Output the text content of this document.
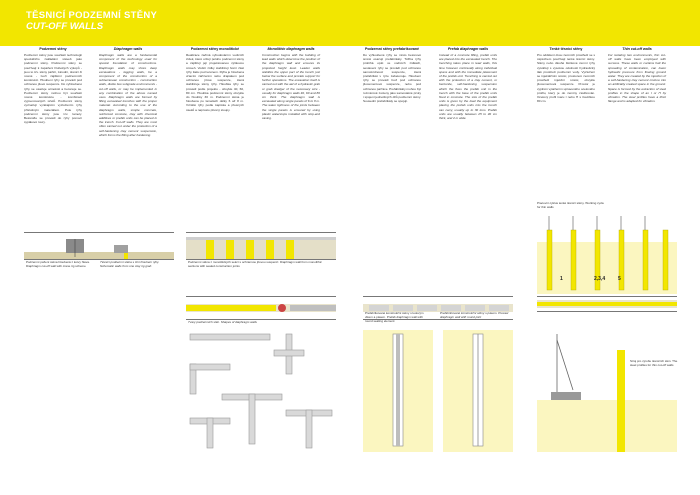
TĚSNICÍ PODZEMNÍ STĚNY
CUT-OFF WALLS
Podzemní stěny

Podzemní stěny jsou součástí technologií speciálního zakládání staveb jako podzemní stěny. Podzemní stěny se používají k zapažení hlubokých výkopů - jsou to tzv. stěny pažicí, zárodní, těsnicí či nosné - tvoří zajištění podzemních konstrukcí. Hloubení rýhy se provádí pod ochranou jílové suspenze. Do vyhloubené rýhy se osazuje armokoš a betonuje se. Podzemní stěny mohou být součástí nosné konstrukce - kombinaci vyjmenovaných účelů. Podzemní stěny vyznačují vynikajícím vyztužením rýhy příslušným materiálem. Pole rýhy podzemní stěny jsou tzv. lamely. Betonáže se provádí do rýhy pomocí sypákové roury.

Diaphragm walls

Diaphragm walls are a fundamental component of the technology used for special foundation of constructions. Diaphragm walls may shore deep excavations - lagging walls, be a component of the construction of a subterranean construction - construction walls, divide two subgrade environments - cut-off walls, or may be implemented in any combination of the above named uses. Diaphragm walls are formed by filling excavated trenches with the proper material. According to the use of the diaphragm walls, simple concrete, reinforced concrete, clay with chemical additives or prefab units can be placed in the trench. Cut-off walls. They are most often carried out under the protection of a self-hardening clay cement suspension, which forms the filling after hardening.

Podzemní stěny monolitické

Realizace začíná vybudováním vodících zídek, které určují polohu podzemní stěny a zajišťují její projektovanou výškovou úroveň. Vodicí zídky stabilizují horní část rýhy tlaku pod terénem. Rýha je hloubena vrtacím zařízením nebo drapákem pod ochranou jílové suspenze, která stabilizuje stěny rýhy. Hloubka rýhy se provádí podle projektu - obvykle 40, 60, 80 cm. Hloubka podzemní stěny obvykle do hloubky 30 m. Podzemní stěna je hloubena po lamelách délky 6 až 8 m. Vzniklé rýhy podle kapitola a přesných úseků a naprosto přesný sloupy.

Monolithic diaphragm walls

Construction begins with the building of lead walls which determine the position of the diaphragm wall and ensures its projected height level. Leader walls stabilize the upper part of the trench just below the surface and provide support for further operations. The excavation itself is carried out with the aid of a hydraulic grab or grab dredger of the necessary size - usually for diaphragm walls 40, 60 and 80 cm thick. The diaphragm wall is excavated along single panels of 6 to 8 m. The water tightness of the joints between the single panels is ensured by using plastic waterstops installed with stop-end casing.

Podzemní stěny prefabrikované

Do vyhloubené rýhy se místo betonové směsi osazují prefabrikáty. Těžba rýhy probíhá opět ve vodících zídkách, sestavení rýhy se provádí pod ochranou samotvrdnoucí suspenze, která prefabrikát v rýze zabetonuje. Hloubení rýhy se provádí buď pod ochranou jílocementové suspenze, nebo pod ochranou pažnice. Prefabrikáty mohou být rozměrově zvoleny jako samostatné prvky i spojení jednotlivých dílů podzemní stěny. Sousední prefabrikáty se spojují.

Prefab diaphragm walls

Instead of a concrete filling, prefab units are placed into the excavated trench. The trenching takes place in lead walls, this time however continually along individual spans and with the immediate placement of the prefab unit. Trenching is carried out with the protection of a clay cement, or bentonite, self-hardening suspension which the fixes the prefab unit in the trench with the base of the prefab units fixed in concrete. The size of the prefab units is given by the load the equipment placing the prefab units into the trench can carry, usually up to 30 tons. Prefab units are usually between 25 to 40 cm thick, and 2 m wide.

Tenké těsnící stěny

Pro oddělení dvou zemních prostředí se s úspěchem používají tenké těsnící stěny. Stěny nebo dlouhé štěrkové zemní rýhy vytvářejí s vysokou odolností hydraulický tlak prostředí podzemní vody. Vyztužení se injektážním směsí, prostorem zemních prostředí injekční směsí, obvykle jílocementová suspenze. Prostor je vyplněn vytažením upraveného ocelového profilu, který je do zeminy zavibrován. Ocelový profil tvaru I nebo H s tloušťkou 80 cm.

Thin cut-off walls

For isolating two environments, thin cut-off walls have been employed with success. These walls or curtains halt the spreading of contamination, can lower hydraulic pressure from flowing ground water. They are created by the injection of a self-hardening clay cement mixture into an artificially created space in the ground. Space is formed by the extraction of steel profiles in the shape of an I or H by vibration. The steel profiles have a thick flange and is adapted for vibration.

Podzemní pažení stěna hloubená z kotvy hlava. Diaphragm cut-off wall with crane rig scheme
Těsnicí podzemní stěna s činí hloubení rýhy. Schematic walls from one clay rig grab
Podzemní stěna z monolitických sekcí s ochrannou jílovou suspenzí. Diaphragm wall from monolithic sections with sealed construction joints
Tvary podzemních stěn. Shapes of diaphragm walls
Prefabrikované konstrukční stěny s kulovým vlkem a pásem. Prefab diaphragm wall with round sealing element
Prefabrikované konstrukční stěny s pásem. Precast diaphragm wall with round joint
Pracovní cyklus tenké těsnící stěny. Working cycle for thin walls
1	2,3,4	5
Stroj pro výrobu těsnících stěn. The steel profiles for thin cut-off walls
